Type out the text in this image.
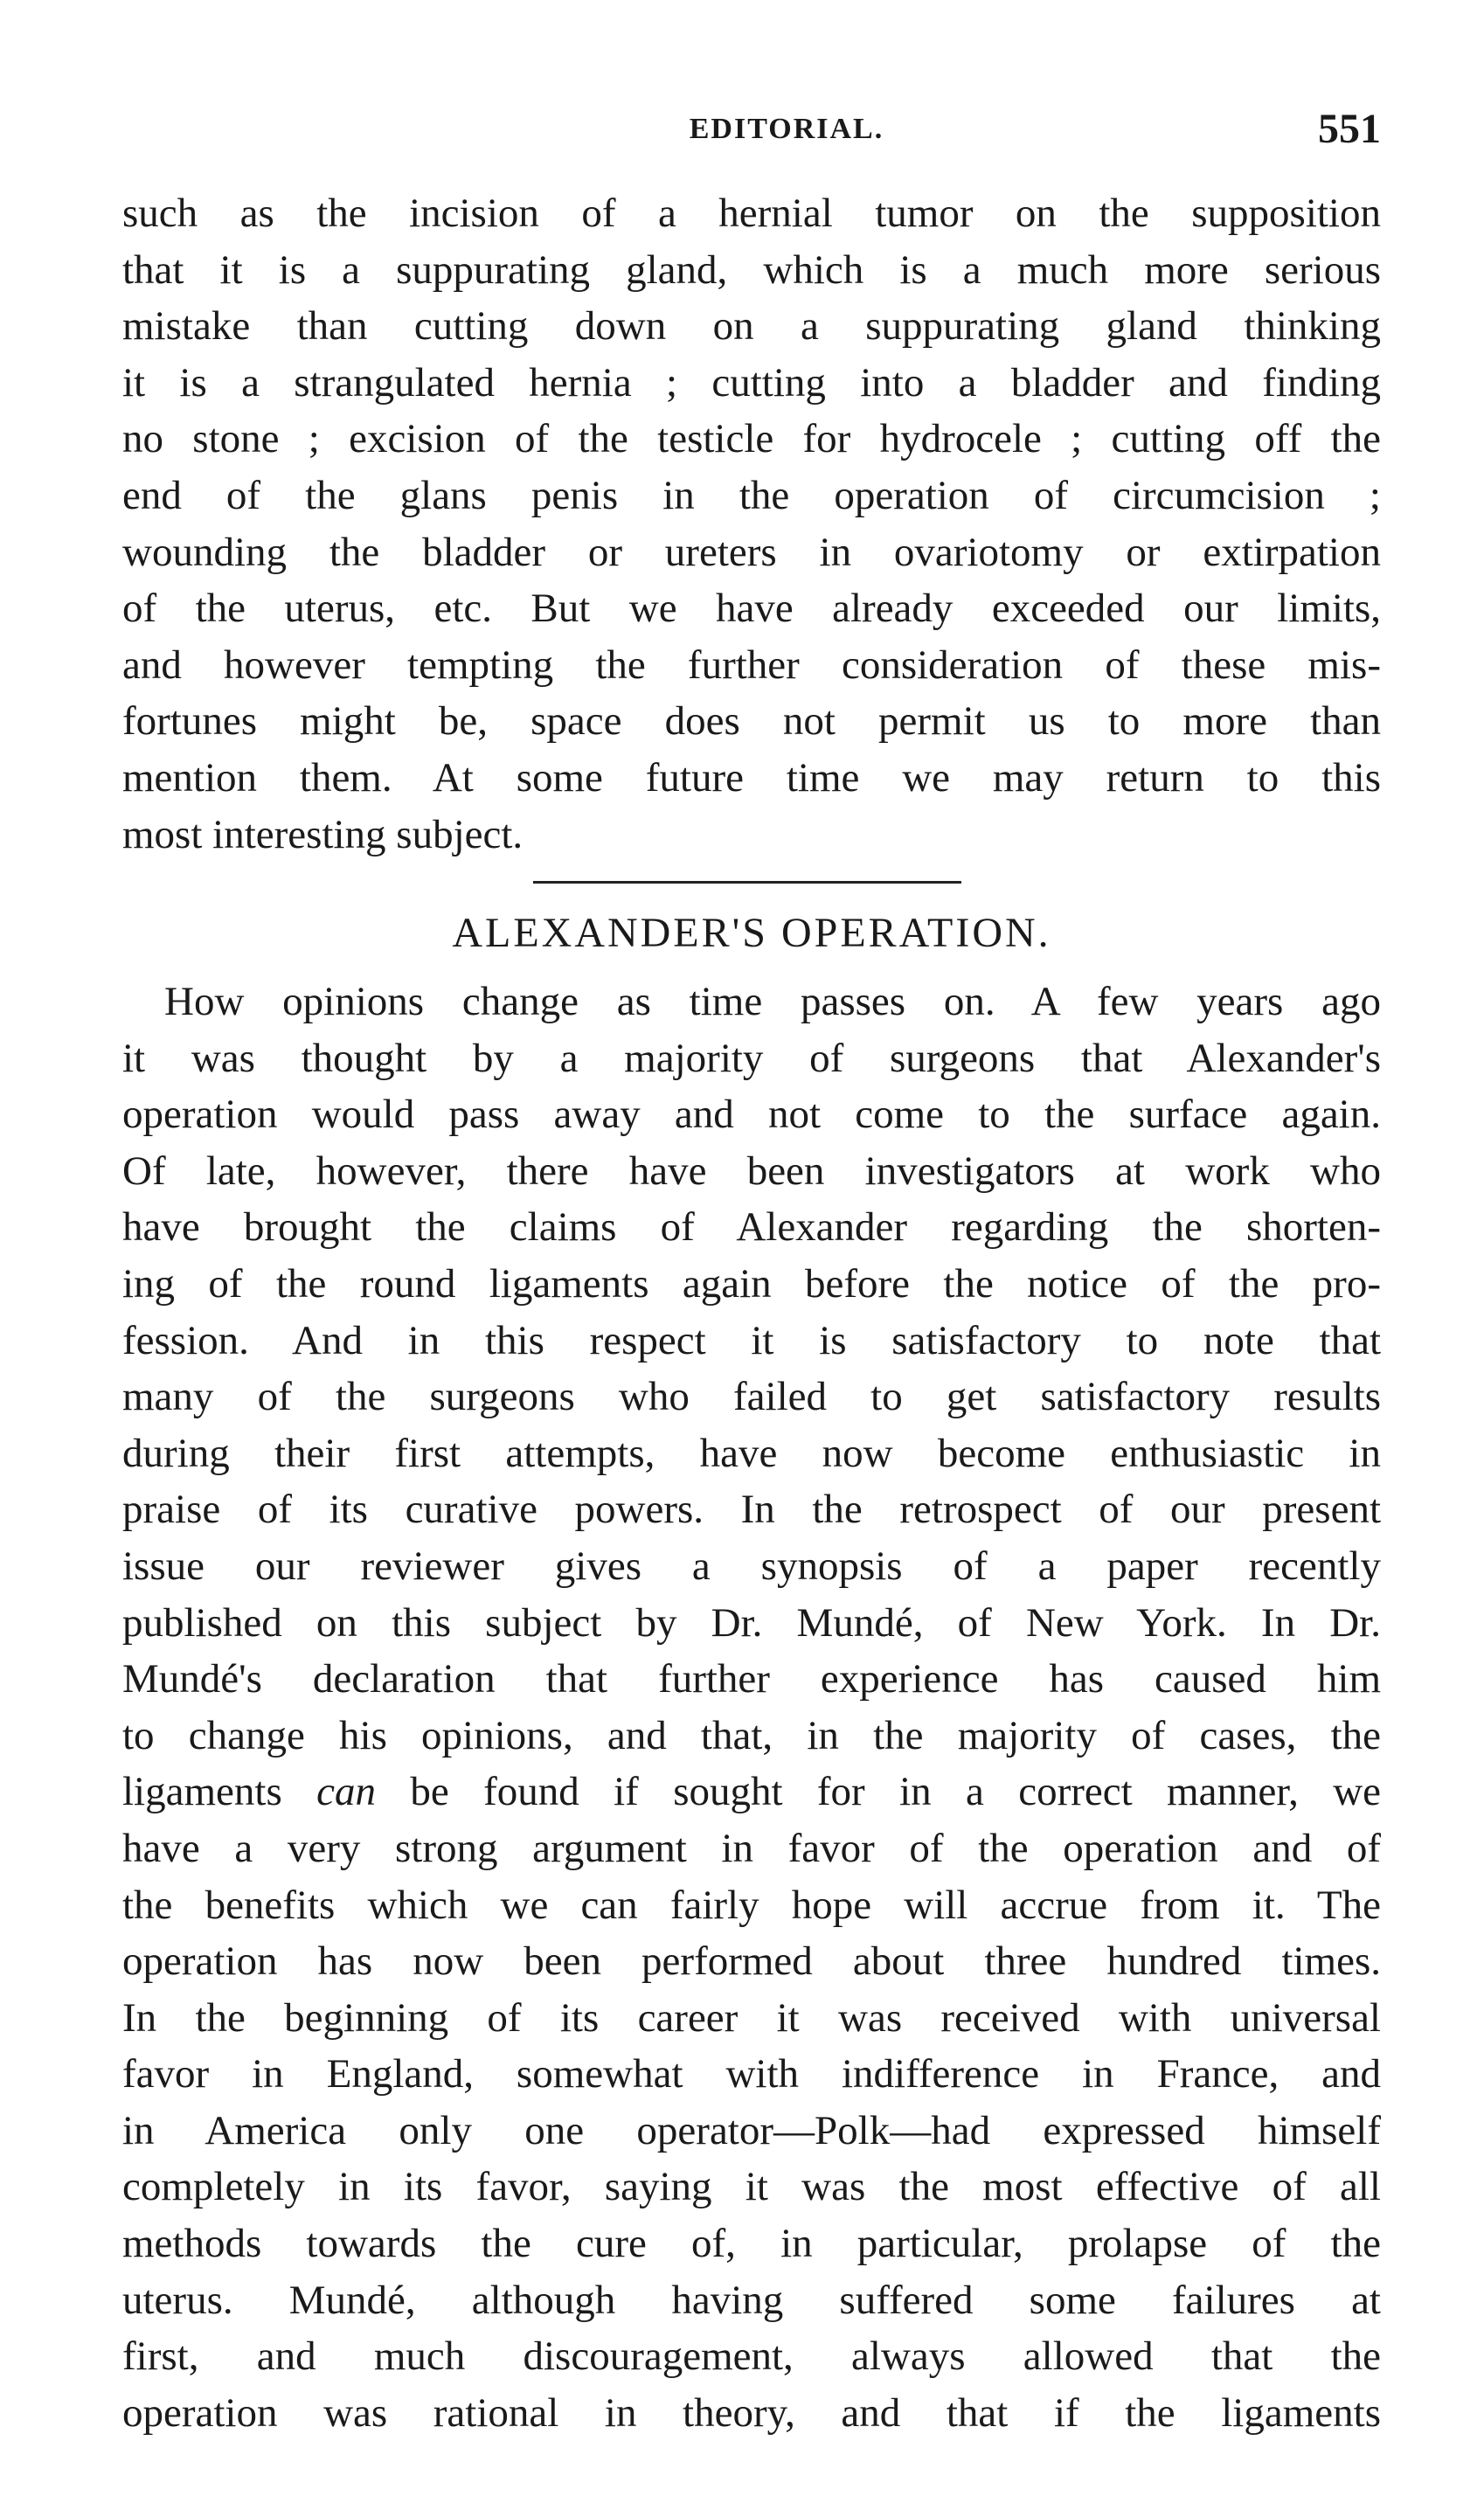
EDITORIAL.	551
such as the incision of a hernial tumor on the supposition
that it is a suppurating gland, which is a much more serious
mistake than cutting down on a suppurating gland thinking
it is a strangulated hernia ; cutting into a bladder and finding
no stone ; excision of the testicle for hydrocele ; cutting off the
end of the glans penis in the operation of circumcision ;
wounding the bladder or ureters in ovariotomy or extirpation
of the uterus, etc. But we have already exceeded our limits,
and however tempting the further consideration of these mis-
fortunes might be, space does not permit us to more than
mention them. At some future time we may return to this
most interesting subject.
ALEXANDER'S OPERATION.
How opinions change as time passes on. A few years ago
it was thought by a majority of surgeons that Alexander's
operation would pass away and not come to the surface again.
Of late, however, there have been investigators at work who
have brought the claims of Alexander regarding the shorten-
ing of the round ligaments again before the notice of the pro-
fession. And in this respect it is satisfactory to note that
many of the surgeons who failed to get satisfactory results
during their first attempts, have now become enthusiastic in
praise of its curative powers. In the retrospect of our present
issue our reviewer gives a synopsis of a paper recently
published on this subject by Dr. Mundé, of New York. In Dr.
Mundé's declaration that further experience has caused him
to change his opinions, and that, in the majority of cases, the
ligaments can be found if sought for in a correct manner, we
have a very strong argument in favor of the operation and of
the benefits which we can fairly hope will accrue from it. The
operation has now been performed about three hundred times.
In the beginning of its career it was received with universal
favor in England, somewhat with indifference in France, and
in America only one operator—Polk—had expressed himself
completely in its favor, saying it was the most effective of all
methods towards the cure of, in particular, prolapse of the
uterus. Mundé, although having suffered some failures at
first, and much discouragement, always allowed that the
operation was rational in theory, and that if the ligaments
